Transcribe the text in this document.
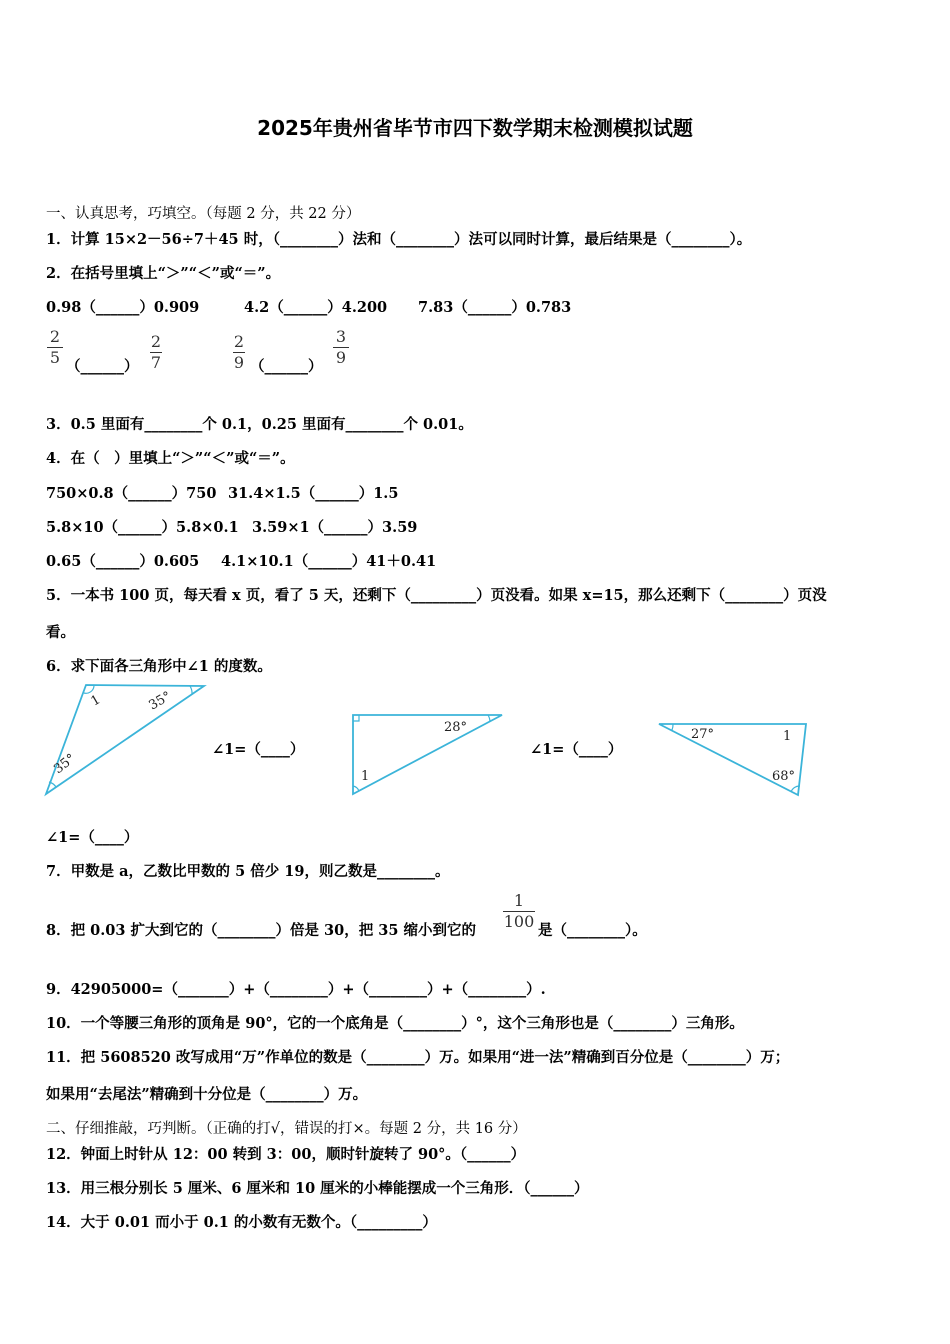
2025年贵州省毕节市四下数学期末检测模拟试题
一、认真思考，巧填空。（每题 2 分，共 22 分）
1．计算 15×2－56÷7＋45 时，（________）法和（________）法可以同时计算，最后结果是（________）。
2．在括号里填上“＞”“＜”或“＝”。
0.98（______）0.909	4.2（______）4.200 7.83（______）0.783
2
5 （______）
2
7
2
9 （______）
3
9
3．0.5 里面有________个 0.1，0.25 里面有________个 0.01。
4．在（　）里填上“＞”“＜”或“＝”。
750×0.8（______）750 31.4×1.5（______）1.5
5.8×10（______）5.8×0.1 3.59×1（______）3.59
0.65（______）0.605 4.1×10.1（______）41＋0.41
5．一本书 100 页，每天看 x 页，看了 5 天，还剩下（_________）页没看。如果 x=15，那么还剩下（________）页没
看。
6．求下面各三角形中∠1 的度数。
1	35°
35°
∠1=（____）
28°
1
∠1=（____）
27°	1
68°
∠1=（____）
7．甲数是 a，乙数比甲数的 5 倍少 19，则乙数是________。
8．把 0.03 扩大到它的（________）倍是 30，把 35 缩小到它的
1
100 是（________）。
9．42905000=（_______）+（________）+（________）+（________）.
10．一个等腰三角形的顶角是 90°，它的一个底角是（________）°，这个三角形也是（________）三角形。
11．把 5608520 改写成用“万”作单位的数是（________）万。如果用“进一法”精确到百分位是（________）万；
如果用“去尾法”精确到十分位是（________）万。
二、仔细推敲，巧判断。（正确的打√，错误的打×。每题 2 分，共 16 分）
12．钟面上时针从 12：00 转到 3：00，顺时针旋转了 90°。（______）
13．用三根分别长 5 厘米、6 厘米和 10 厘米的小棒能摆成一个三角形．（______）
14．大于 0.01 而小于 0.1 的小数有无数个。（_________）
